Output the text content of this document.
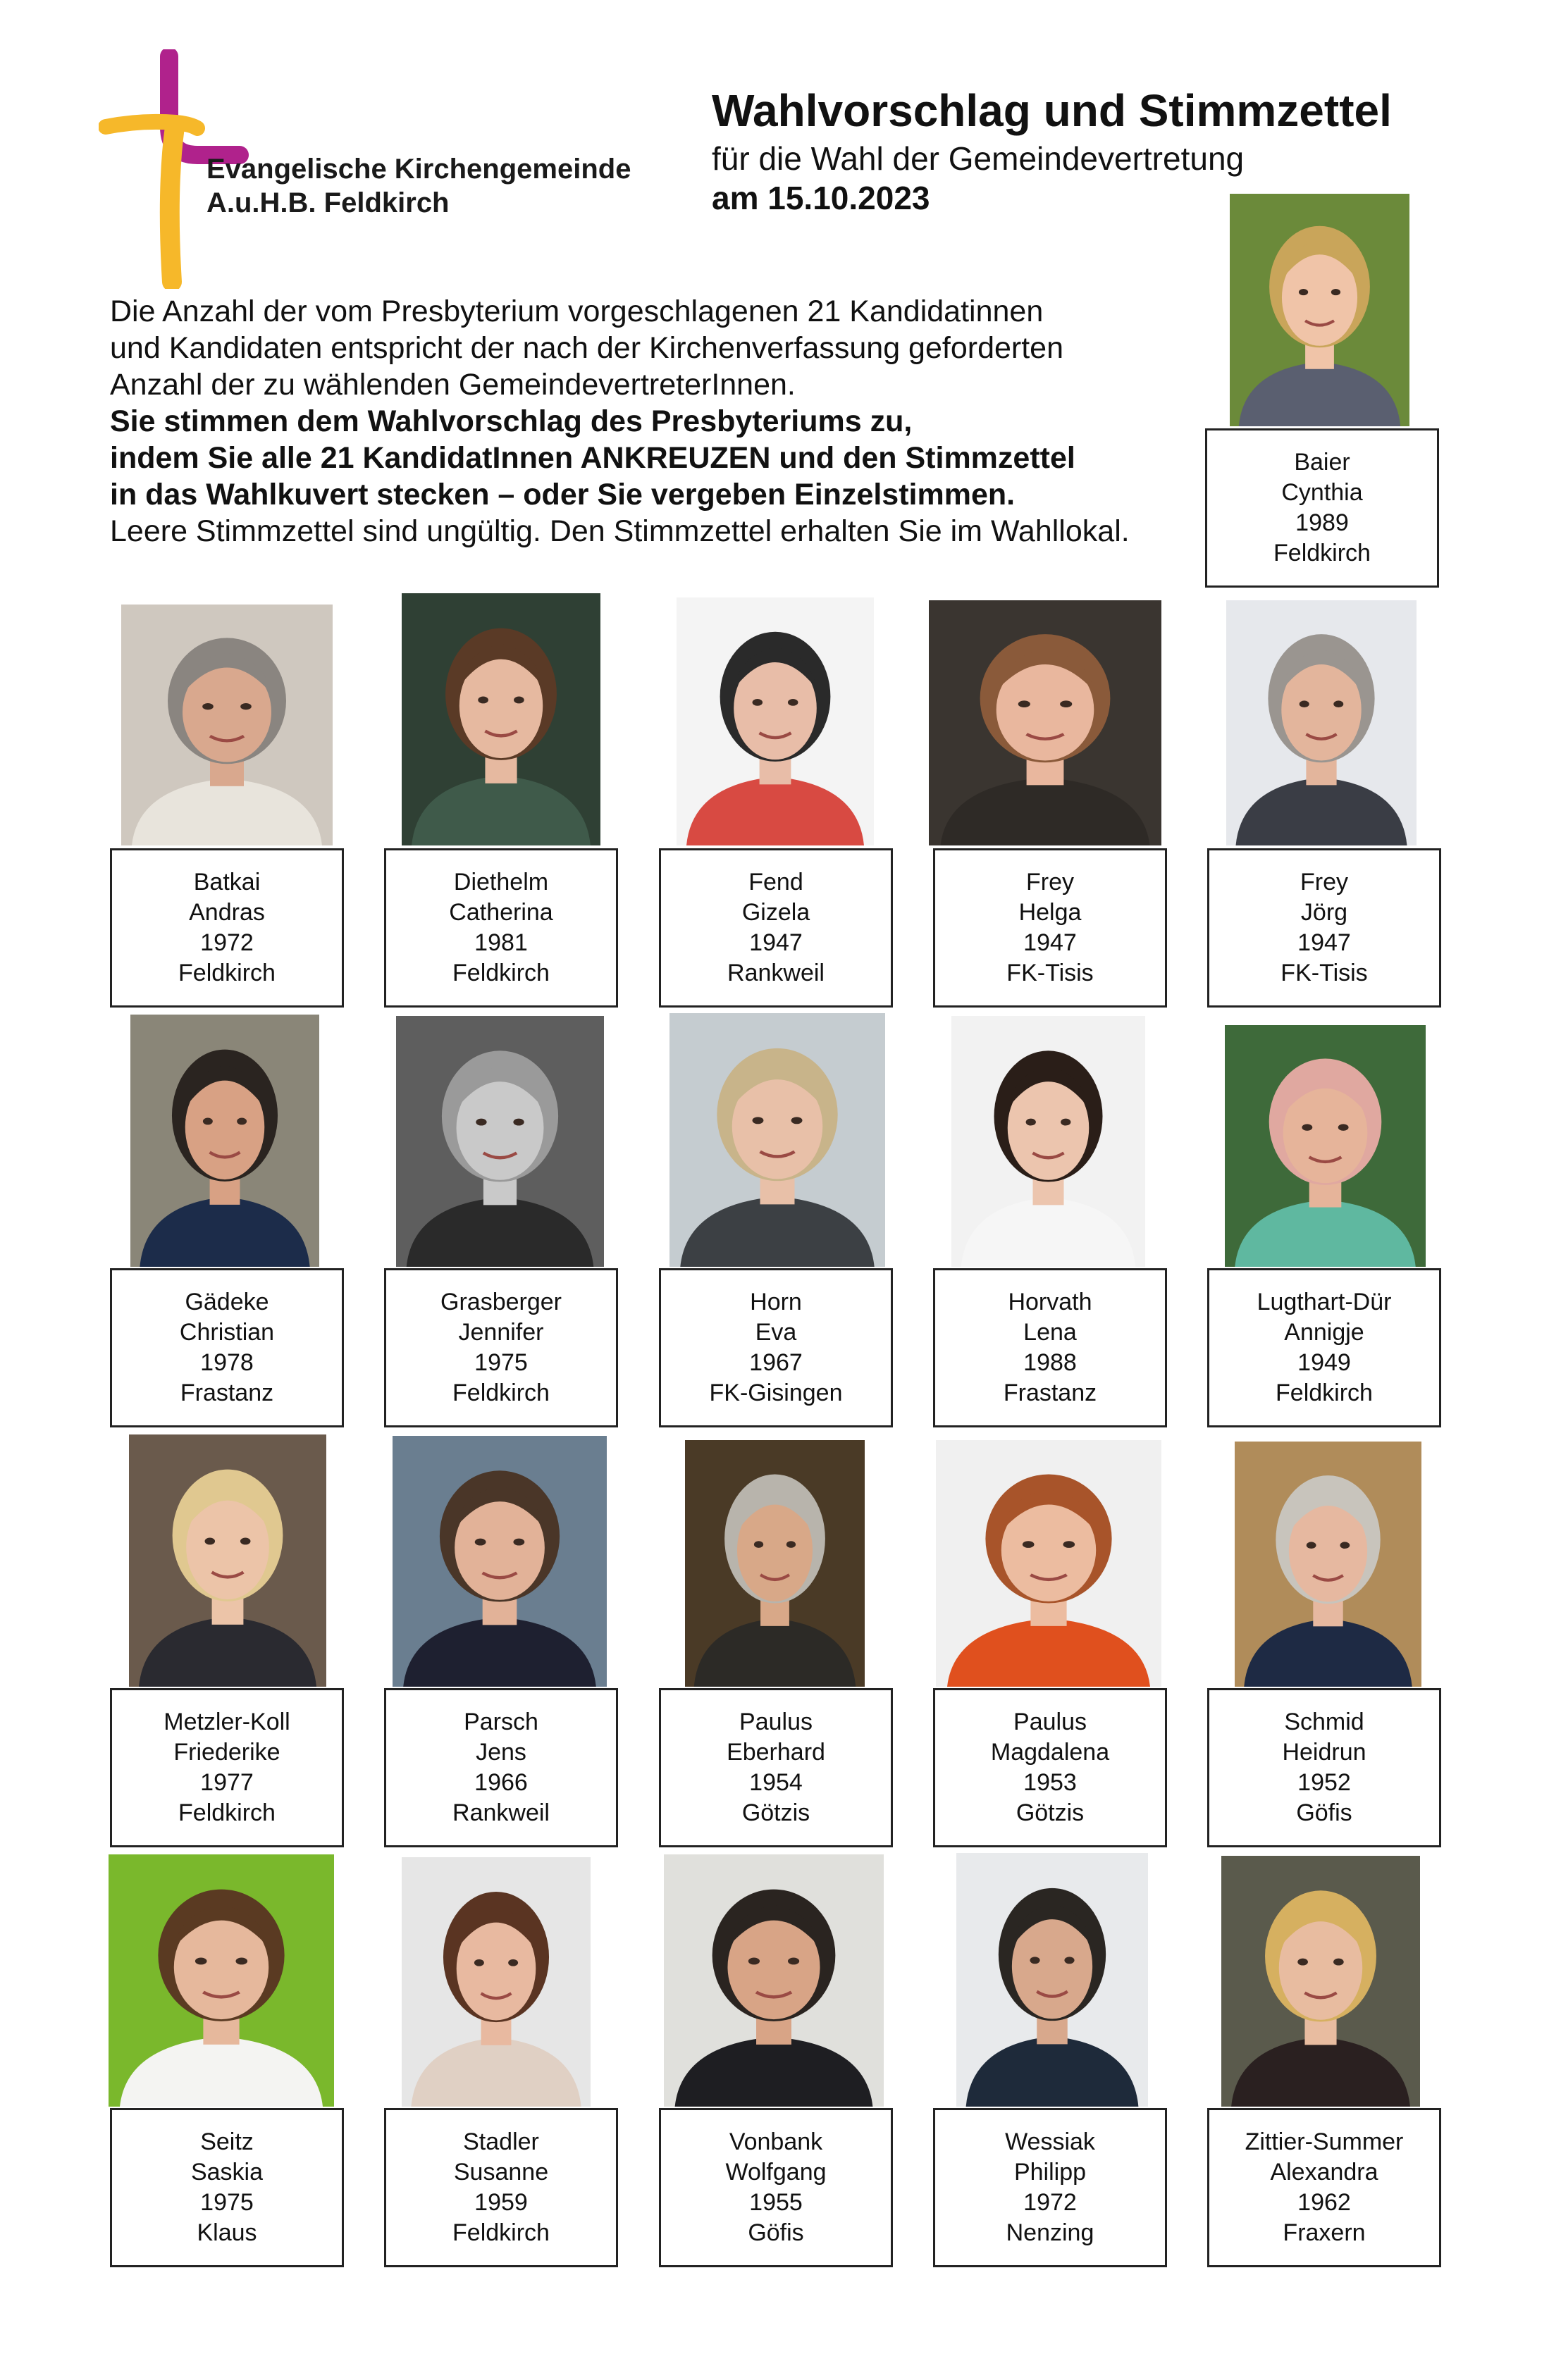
Evangelische Kirchengemeinde
A.u.H.B. Feldkirch
Wahlvorschlag und Stimmzettel
für die Wahl der Gemeindevertretung
am 15.10.2023
Die Anzahl der vom Presbyterium vorgeschlagenen 21 Kandidatinnen
und Kandidaten entspricht der nach der Kirchenverfassung geforderten
Anzahl der zu wählenden GemeindevertreterInnen.
Sie stimmen dem Wahlvorschlag des Presbyteriums zu,
indem Sie alle 21 KandidatInnen ANKREUZEN und den Stimmzettel
in das Wahlkuvert stecken – oder Sie vergeben Einzelstimmen.
Leere Stimmzettel sind ungültig. Den Stimmzettel erhalten Sie im Wahllokal.
Baier
Cynthia
1989
Feldkirch
Batkai
Andras
1972
Feldkirch
Diethelm
Catherina
1981
Feldkirch
Fend
Gizela
1947
Rankweil
Frey
Helga
1947
FK-Tisis
Frey
Jörg
1947
FK-Tisis
Gädeke
Christian
1978
Frastanz
Grasberger
Jennifer
1975
Feldkirch
Horn
Eva
1967
FK-Gisingen
Horvath
Lena
1988
Frastanz
Lugthart-Dür
Annigje
1949
Feldkirch
Metzler-Koll
Friederike
1977
Feldkirch
Parsch
Jens
1966
Rankweil
Paulus
Eberhard
1954
Götzis
Paulus
Magdalena
1953
Götzis
Schmid
Heidrun
1952
Göfis
Seitz
Saskia
1975
Klaus
Stadler
Susanne
1959
Feldkirch
Vonbank
Wolfgang
1955
Göfis
Wessiak
Philipp
1972
Nenzing
Zittier-Summer
Alexandra
1962
Fraxern
